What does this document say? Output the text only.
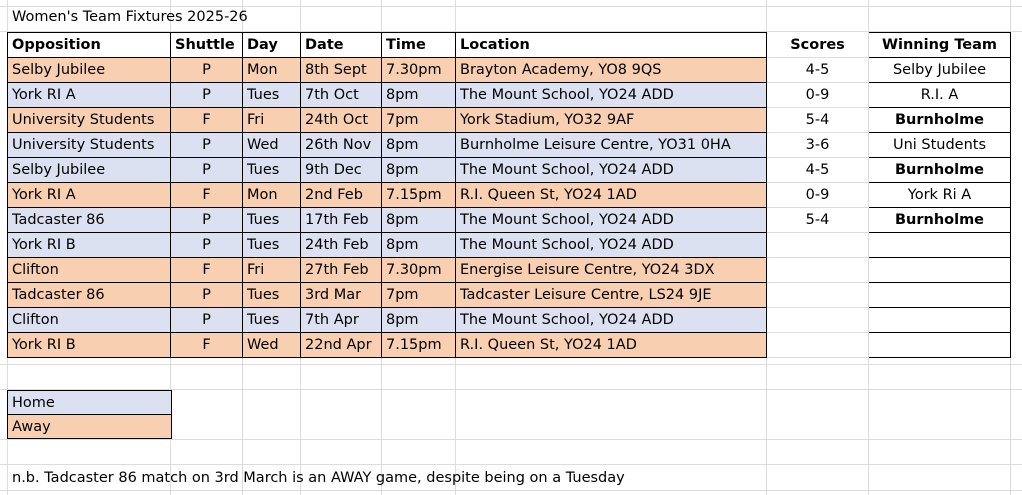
Women's Team Fixtures 2025-26
Opposition	Shuttle	Day	Date	Time	Location	Scores	Winning Team
Selby Jubilee	P	Mon	8th Sept	7.30pm	Brayton Academy, YO8 9QS	4-5	Selby Jubilee
York RI A	P	Tues	7th Oct	8pm	The Mount School, YO24 ADD	0-9	R.I. A
University Students	F	Fri	24th Oct	7pm	York Stadium, YO32 9AF	5-4	Burnholme
University Students	P	Wed	26th Nov	8pm	Burnholme Leisure Centre, YO31 0HA	3-6	Uni Students
Selby Jubilee	P	Tues	9th Dec	8pm	The Mount School, YO24 ADD	4-5	Burnholme
York RI A	F	Mon	2nd Feb	7.15pm	R.I. Queen St, YO24 1AD	0-9	York Ri A
Tadcaster 86	P	Tues	17th Feb	8pm	The Mount School, YO24 ADD	5-4	Burnholme
York RI B	P	Tues	24th Feb	8pm	The Mount School, YO24 ADD		
Clifton	F	Fri	27th Feb	7.30pm	Energise Leisure Centre, YO24 3DX		
Tadcaster 86	P	Tues	3rd Mar	7pm	Tadcaster Leisure Centre, LS24 9JE		
Clifton	P	Tues	7th Apr	8pm	The Mount School, YO24 ADD		
York RI B	F	Wed	22nd Apr	7.15pm	R.I. Queen St, YO24 1AD		
Home
Away
n.b. Tadcaster 86 match on 3rd March is an AWAY game, despite being on a Tuesday
